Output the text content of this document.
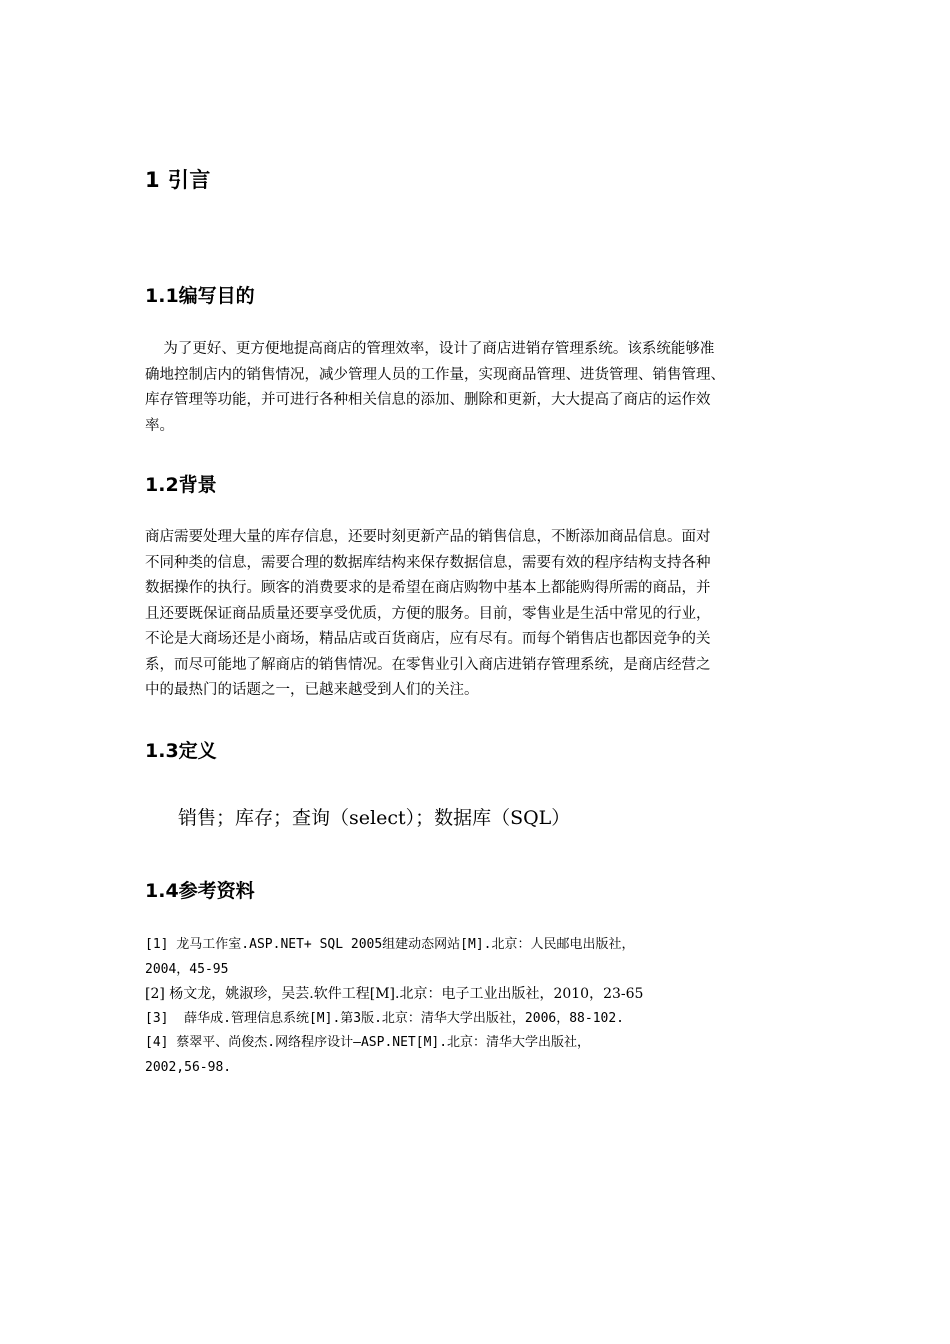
1 引言
1.1编写目的
为了更好、更方便地提高商店的管理效率，设计了商店进销存管理系统。该系统能够准
确地控制店内的销售情况，减少管理人员的工作量，实现商品管理、进货管理、销售管理、
库存管理等功能，并可进行各种相关信息的添加、删除和更新，大大提高了商店的运作效
率。
1.2背景
商店需要处理大量的库存信息，还要时刻更新产品的销售信息，不断添加商品信息。面对
不同种类的信息，需要合理的数据库结构来保存数据信息，需要有效的程序结构支持各种
数据操作的执行。顾客的消费要求的是希望在商店购物中基本上都能购得所需的商品，并
且还要既保证商品质量还要享受优质，方便的服务。目前，零售业是生活中常见的行业，
不论是大商场还是小商场，精品店或百货商店，应有尽有。而每个销售店也都因竞争的关
系，而尽可能地了解商店的销售情况。在零售业引入商店进销存管理系统，是商店经营之
中的最热门的话题之一，已越来越受到人们的关注。
1.3定义

销售；库存；查询（select）；数据库（SQL）

1.4参考资料
[1] 龙马工作室.ASP.NET+ SQL 2005组建动态网站[M].北京：人民邮电出版社，
2004，45-95
[2] 杨文龙，姚淑珍，吴芸.软件工程[M].北京：电子工业出版社，2010，23-65
[3]  薛华成.管理信息系统[M].第3版.北京：清华大学出版社，2006，88-102.
[4] 蔡翠平、尚俊杰.网络程序设计—ASP.NET[M].北京：清华大学出版社，
2002,56-98.
